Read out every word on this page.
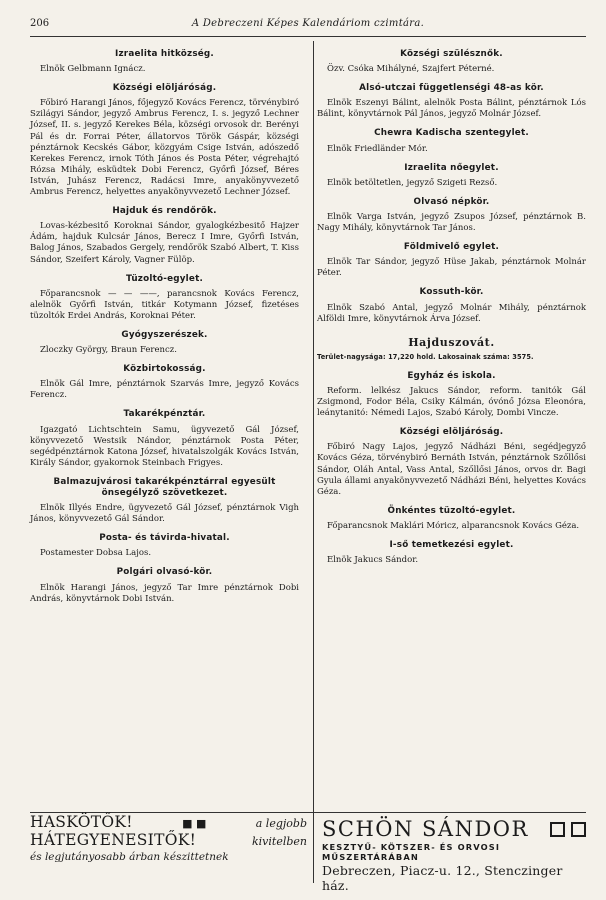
206	A Debreczeni Képes Kalendáriom czimtára.
Izraelita hitközség.

Elnök Gelbmann Ignácz.

Községi elöljáróság.

Főbiró Harangi János, főjegyző Kovács Ferencz, törvénybiró Szilágyi Sándor, jegyző Ambrus Ferencz, I. s. jegyző Lechner József, II. s. jegyző Kerekes Béla, községi orvosok dr. Berényi Pál és dr. Forrai Péter, állatorvos Török Gáspár, községi pénztárnok Kecskés Gábor, közgyám Csige István, adószedő Kerekes Ferencz, irnok Tóth János és Posta Péter, végrehajtó Rózsa Mihály, esküdtek Dobi Ferencz, Győrfi József, Béres István, Juhász Ferencz, Radácsi Imre, anyakönyvvezető Ambrus Ferencz, helyettes anyakönyvvezető Lechner József.

Hajduk és rendőrök.

Lovas-kézbesitő Koroknai Sándor, gyalogkézbesitő Hajzer Ádám, hajduk Kulcsár János, Berecz I Imre, Győrfi István, Balog János, Szabados Gergely, rendőrök Szabó Albert, T. Kiss Sándor, Szeifert Károly, Vagner Fülöp.

Tüzoltó-egylet.

Főparancsnok — — ——, parancsnok Kovács Ferencz, alelnök Győrfi István, titkár Kotymann József, fizetéses tüzoltók Erdei András, Koroknai Péter.

Gyógyszerészek.

Zloczky György, Braun Ferencz.

Közbirtokosság.

Elnök Gál Imre, pénztárnok Szarvás Imre, jegyző Kovács Ferencz.

Takarékpénztár.

Igazgató Lichtschtein Samu, ügyvezető Gál József, könyvvezető Westsik Nándor, pénztárnok Posta Péter, segédpénztárnok Katona József, hivatalszolgák Kovács István, Király Sándor, gyakornok Steinbach Frigyes.

Balmazujvárosi takarékpénztárral egyesült önsegélyző szövetkezet.

Elnök Illyés Endre, ügyvezető Gál József, pénztárnok Vigh János, könyvvezető Gál Sándor.

Posta- és távirda-hivatal.

Postamester Dobsa Lajos.

Polgári olvasó-kör.

Elnök Harangi János, jegyző Tar Imre pénztárnok Dobi András, könyvtárnok Dobi István.

Községi szülésznők.

Özv. Csóka Mihályné, Szajfert Péterné.

Alsó-utczai függetlenségi 48-as kör.

Elnök Eszenyi Bálint, alelnök Posta Bálint, pénztárnok Lós Bálint, könyvtárnok Pál János, jegyző Molnár József.

Chewra Kadischa szentegylet.

Elnök Friedländer Mór.

Izraelita nőegylet.

Elnök betöltetlen, jegyző Szigeti Rezső.

Olvasó népkör.

Elnök Varga István, jegyző Zsupos József, pénztárnok B. Nagy Mihály, könyvtárnok Tar János.

Földmivelő egylet.

Elnök Tar Sándor, jegyző Hüse Jakab, pénztárnok Molnár Péter.

Kossuth-kör.

Elnök Szabó Antal, jegyző Molnár Mihály, pénztárnok Alföldi Imre, könyvtárnok Árva József.

Hajduszovát.
Terület-nagysága: 17,220 hold. Lakosainak száma: 3575.
Egyház és iskola.

Reform. lelkész Jakucs Sándor, reform. tanitók Gál Zsigmond, Fodor Béla, Csiky Kálmán, óvónő Józsa Eleonóra, leánytanitó: Némedi Lajos, Szabó Károly, Dombi Vincze.

Községi elöljáróság.

Főbiró Nagy Lajos, jegyző Nádházi Béni, segédjegyző Kovács Géza, törvénybiró Bernáth István, pénztárnok Szőllősi Sándor, Oláh Antal, Vass Antal, Szőllősi János, orvos dr. Bagi Gyula állami anyakönyvvezető Nádházi Béni, helyettes Kovács Géza.

Önkéntes tüzoltó-egylet.

Főparancsnok Maklári Móricz, alparancsnok Kovács Géza.

I-ső temetkezési egylet.

Elnök Jakucs Sándor.

HASKÖTŐK!	■ ■	a legjobb
HÁTEGYENESITŐK!	kivitelben
és legjutányosabb árban készittetnek
SCHÖN SÁNDOR
KESZTYŰ- KÖTSZER- ÉS ORVOSI MŰSZERTÁRÁBAN
Debreczen, Piacz-u. 12., Stenczinger ház.
